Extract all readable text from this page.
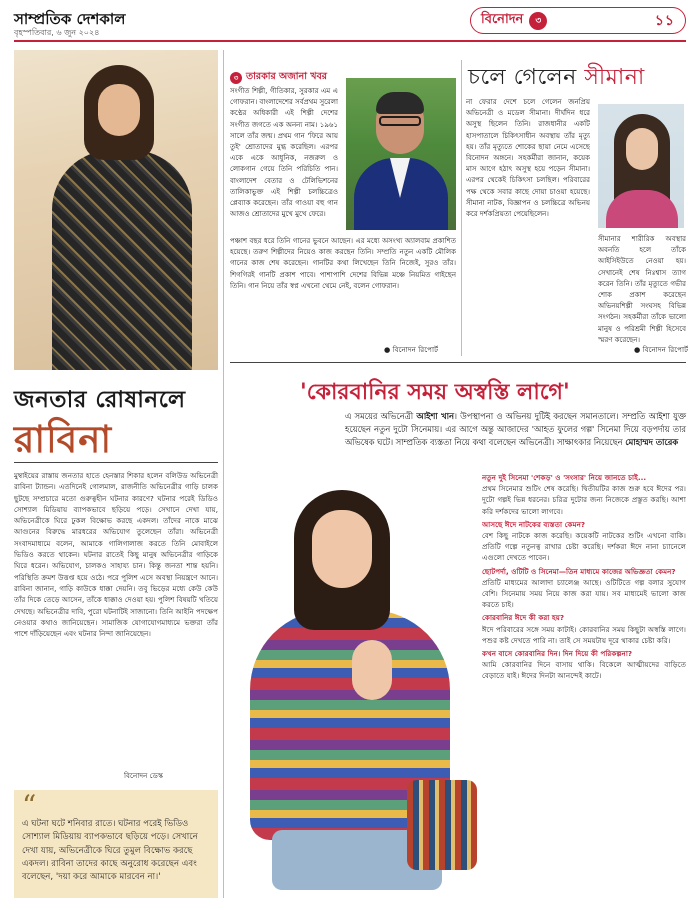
সাম্প্রতিক দেশকাল
বৃহস্পতিবার, ৬ জুন ২০২৪
বিনোদন	৩	১১
জনতার রোষানলে
রাবিনা
মুম্বাইয়ের রাস্তায় জনতার হাতে হেনস্তার শিকার হলেন বলিউড অভিনেত্রী রাবিনা ট্যান্ডন। এতদিনেই গোলমাল, রাজনীতি অভিনেত্রীর গাড়ি চালক ছুটছে সম্প্রচারে মতো গুরুত্বহীন ঘটনার কারণে? ঘটনার পরেই ডিডিও সোশ্যাল মিডিয়ায় ব্যাপকভাবে ছড়িয়ে পড়ে। সেখানে দেখা যায়, অভিনেত্রীকে ঘিরে ঢুকল বিক্ষোভ করছে একদল। তাঁদের নাকে মাঝে আগুনের বিরুদ্ধে মারধরের অভিযোগ তুলেছেন তাঁরা। অভিনেত্রী সংবাদমাধ্যমে বলেন, আমাকে গালিগালাজ করতে তিনি মোবাইলে ভিডিও করতে থাকেন। ঘটনার রাতেই কিছু মানুষ অভিনেত্রীর গাড়িকে ঘিরে ধরেন। অভিযোগ, চালকও সাহায্য চান। কিন্তু জনতা শান্ত হয়নি। পরিস্থিতি ক্রমশ উত্তপ্ত হয়ে ওঠে। পরে পুলিশ এসে অবস্থা নিয়ন্ত্রণে আনে। রাবিনা জানান, গাড়ি কাউকে ধাক্কা দেয়নি। তবু ভিড়ের মধ্যে কেউ কেউ তাঁর দিকে তেড়ে আসেন, তাঁকে ধাক্কাও দেওয়া হয়। পুলিশ বিষয়টি খতিয়ে দেখছে। অভিনেত্রীর দাবি, পুরো ঘটনাটিই সাজানো। তিনি আইনি পদক্ষেপ নেওয়ার কথাও জানিয়েছেন। সামাজিক যোগাযোগমাধ্যমে ভক্তরা তাঁর পাশে দাঁড়িয়েছেন এবং ঘটনার নিন্দা জানিয়েছেন।
বিনোদন ডেস্ক
“
এ ঘটনা ঘটে শনিবার রাতে। ঘটনার পরেই ভিডিও সোশ্যাল মিডিয়ায় ব্যাপকভাবে ছড়িয়ে পড়ে। সেখানে দেখা যায়, অভিনেত্রীকে ঘিরে তুমুল বিক্ষোভ করছে একদল। রাবিনা তাদের কাছে অনুরোধ করেছেন এবং বলেছেন, 'দয়া করে আমাকে মারবেন না।'
৩ তারকার অজানা খবর
সংগীত শিল্পী, গীতিকার, সুরকার এম এ গোফরান। বাংলাদেশের সর্বপ্রথম সুরেলা কণ্ঠের অধিকারী এই শিল্পী দেশের সংগীত জগতে এক অনন্য নাম। ১৯৬১ সালে তাঁর জন্ম। প্রথম গান 'ফিরে আয় তুই' শ্রোতাদের মুগ্ধ করেছিল। এরপর একে একে আধুনিক, নজরুল ও লোকগান গেয়ে তিনি পরিচিতি পান। বাংলাদেশ বেতার ও টেলিভিশনের তালিকাভুক্ত এই শিল্পী চলচ্চিত্রেও প্লেব্যাক করেছেন। তাঁর গাওয়া বহু গান আজও শ্রোতাদের মুখে মুখে ফেরে।
পঞ্চাশ বছর ধরে তিনি গানের ভুবনে আছেন। এর মধ্যে অসংখ্য অ্যালবাম প্রকাশিত হয়েছে। তরুণ শিল্পীদের নিয়েও কাজ করছেন তিনি। সম্প্রতি নতুন একটি মৌলিক গানের কাজ শেষ করেছেন। গানটির কথা লিখেছেন তিনি নিজেই, সুরও তাঁর। শিগগিরই গানটি প্রকাশ পাবে। পাশাপাশি দেশের বিভিন্ন মঞ্চে নিয়মিত গাইছেন তিনি। গান নিয়ে তাঁর স্বপ্ন এখনো থেমে নেই, বলেন গোফরান।
● বিনোদন রিপোর্ট
চলে গেলেন সীমানা
না ফেরার দেশে চলে গেলেন জনপ্রিয় অভিনেত্রী ও মডেল সীমানা। দীর্ঘদিন ধরে অসুস্থ ছিলেন তিনি। রাজধানীর একটি হাসপাতালে চিকিৎসাধীন অবস্থায় তাঁর মৃত্যু হয়। তাঁর মৃত্যুতে শোকের ছায়া নেমে এসেছে বিনোদন অঙ্গনে। সহকর্মীরা জানান, কয়েক মাস আগে হঠাৎ অসুস্থ হয়ে পড়েন সীমানা। এরপর থেকেই চিকিৎসা চলছিল। পরিবারের পক্ষ থেকে সবার কাছে দোয়া চাওয়া হয়েছে। সীমানা নাটক, বিজ্ঞাপন ও চলচ্চিত্রে অভিনয় করে দর্শকপ্রিয়তা পেয়েছিলেন।
সীমানার শারীরিক অবস্থার অবনতি হলে তাঁকে আইসিইউতে নেওয়া হয়। সেখানেই শেষ নিঃশ্বাস ত্যাগ করেন তিনি। তাঁর মৃত্যুতে গভীর শোক প্রকাশ করেছেন অভিনয়শিল্পী সংঘসহ বিভিন্ন সংগঠন। সহকর্মীরা তাঁকে ভালো মানুষ ও পরিশ্রমী শিল্পী হিসেবে স্মরণ করেছেন।
● বিনোদন রিপোর্ট
'কোরবানির সময় অস্বস্তি লাগে'
এ সময়ের অভিনেত্রী আইশা খান। উপস্থাপনা ও অভিনয় দুটিই করছেন সমানতালে। সম্প্রতি আইশা যুক্ত হয়েছেন নতুন দুটো সিনেমায়। এর আগে অন্তু আজাদের 'আহত ফুলের গল্প' সিনেমা দিয়ে বড়পর্দায় তার অভিষেক ঘটে। সাম্প্রতিক ব্যস্ততা নিয়ে কথা বলেছেন অভিনেত্রী। সাক্ষাৎকার নিয়েছেন মোহাম্মদ তারেক
নতুন দুই সিনেমা 'শেকড়' ও 'সংসার' নিয়ে জানতে চাই...
প্রথম সিনেমার শুটিং শেষ করেছি। দ্বিতীয়টির কাজ শুরু হবে ঈদের পর। দুটো গল্পই ভিন্ন ধরনের। চরিত্র দুটোর জন্য নিজেকে প্রস্তুত করছি। আশা করি দর্শকদের ভালো লাগবে।
আসছে ঈদে নাটকের ব্যস্ততা কেমন?
বেশ কিছু নাটকে কাজ করেছি। কয়েকটি নাটকের শুটিং এখনো বাকি। প্রতিটি গল্পে নতুনত্ব রাখার চেষ্টা করেছি। দর্শকরা ঈদে নানা চ্যানেলে এগুলো দেখতে পাবেন।
ছোটপর্দা, ওটিটি ও সিনেমা—তিন মাধ্যমে কাজের অভিজ্ঞতা কেমন?
প্রতিটি মাধ্যমের আলাদা চ্যালেঞ্জ আছে। ওটিটিতে গল্প বলার সুযোগ বেশি। সিনেমায় সময় নিয়ে কাজ করা যায়। সব মাধ্যমেই ভালো কাজ করতে চাই।
কোরবানির ঈদে কী করা হয়?
ঈদে পরিবারের সঙ্গে সময় কাটাই। কোরবানির সময় কিছুটা অস্বস্তি লাগে। পশুর কষ্ট দেখতে পারি না। তাই সে সময়টায় দূরে থাকার চেষ্টা করি।
কখন বাসে কোরবানির দিন। দিন দিয়ে কী পরিকল্পনা?
আমি কোরবানির দিনে বাসায় থাকি। বিকেলে আত্মীয়দের বাড়িতে বেড়াতে যাই। ঈদের দিনটা আনন্দেই কাটে।
